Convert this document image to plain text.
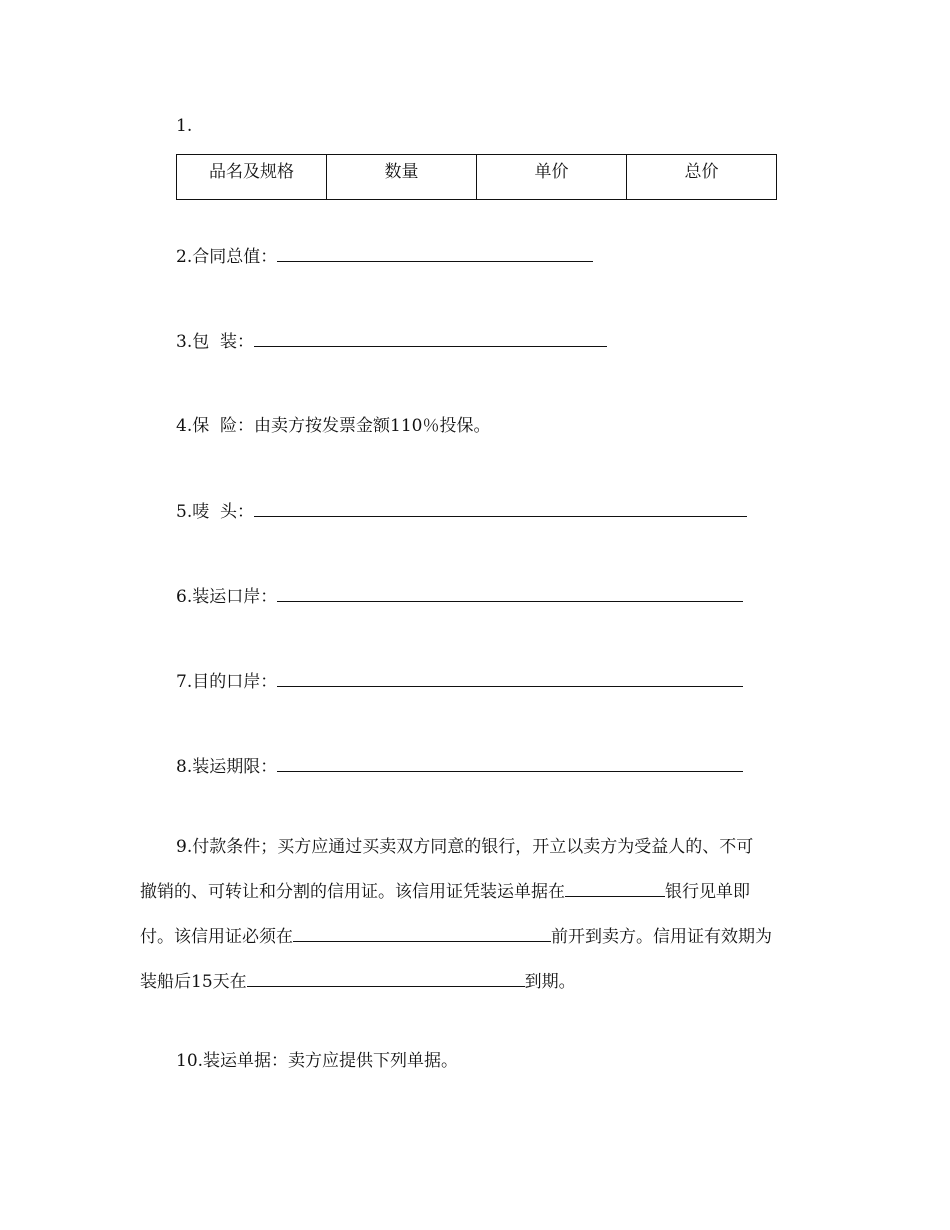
1.
品名及规格	数量	单价	总价
2.合同总值：
3.包  装：
4.保  险：由卖方按发票金额110％投保。
5.唛  头：
6.装运口岸：
7.目的口岸：
8.装运期限：
9.付款条件；买方应通过买卖双方同意的银行，开立以卖方为受益人的、不可
撤销的、可转让和分割的信用证。该信用证凭装运单据在	银行见单即
付。该信用证必须在	前开到卖方。信用证有效期为
装船后15天在	到期。
10.装运单据：卖方应提供下列单据。
